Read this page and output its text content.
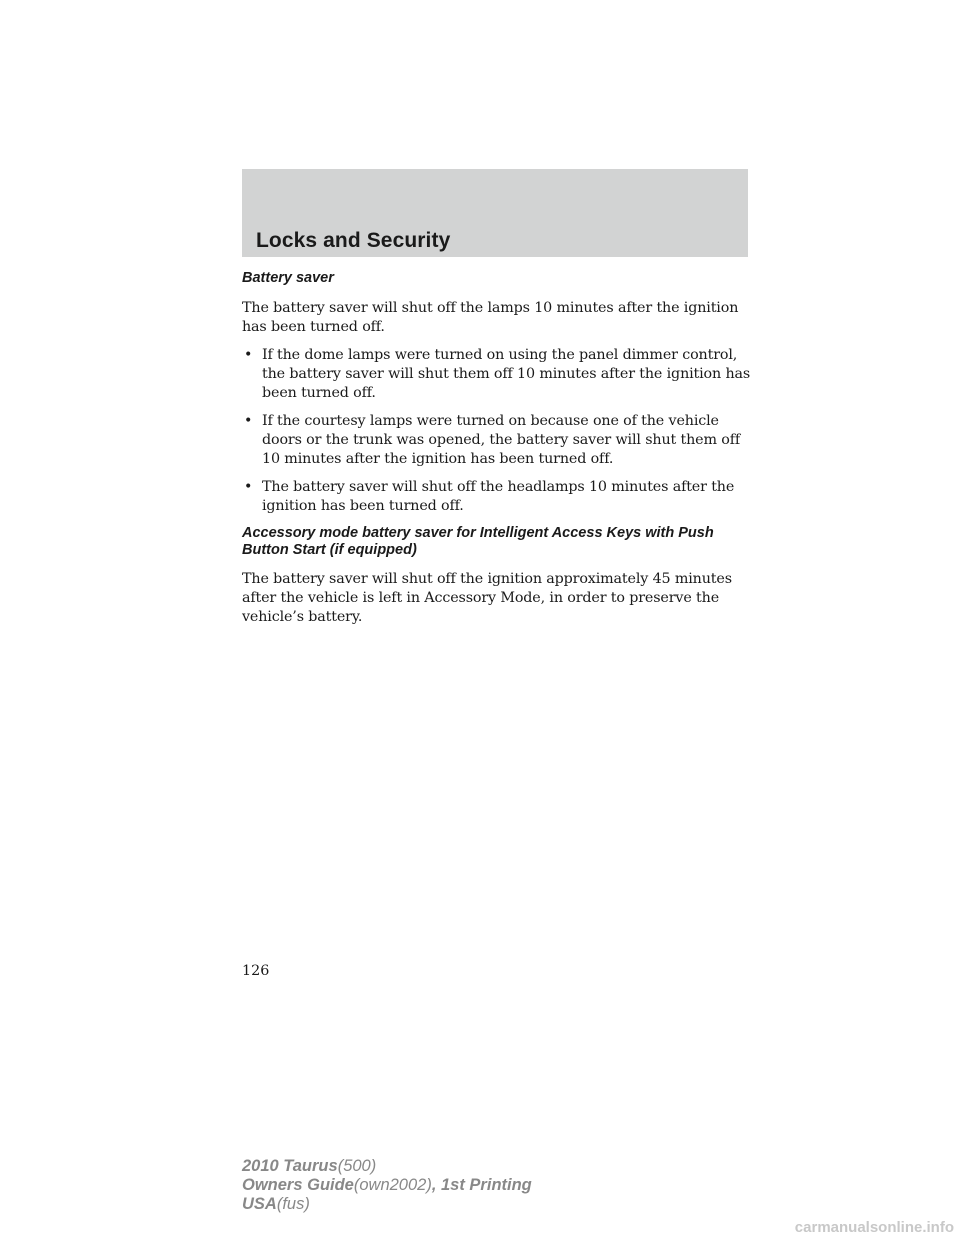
Locks and Security
Battery saver

The battery saver will shut off the lamps 10 minutes after the ignition has been turned off.

• If the dome lamps were turned on using the panel dimmer control, the battery saver will shut them off 10 minutes after the ignition has been turned off.
• If the courtesy lamps were turned on because one of the vehicle doors or the trunk was opened, the battery saver will shut them off 10 minutes after the ignition has been turned off.
• The battery saver will shut off the headlamps 10 minutes after the ignition has been turned off.
Accessory mode battery saver for Intelligent Access Keys with Push Button Start (if equipped)

The battery saver will shut off the ignition approximately 45 minutes after the vehicle is left in Accessory Mode, in order to preserve the vehicle’s battery.

126
2010 Taurus(500)
Owners Guide(own2002), 1st Printing
USA(fus)
carmanualsonline.info
